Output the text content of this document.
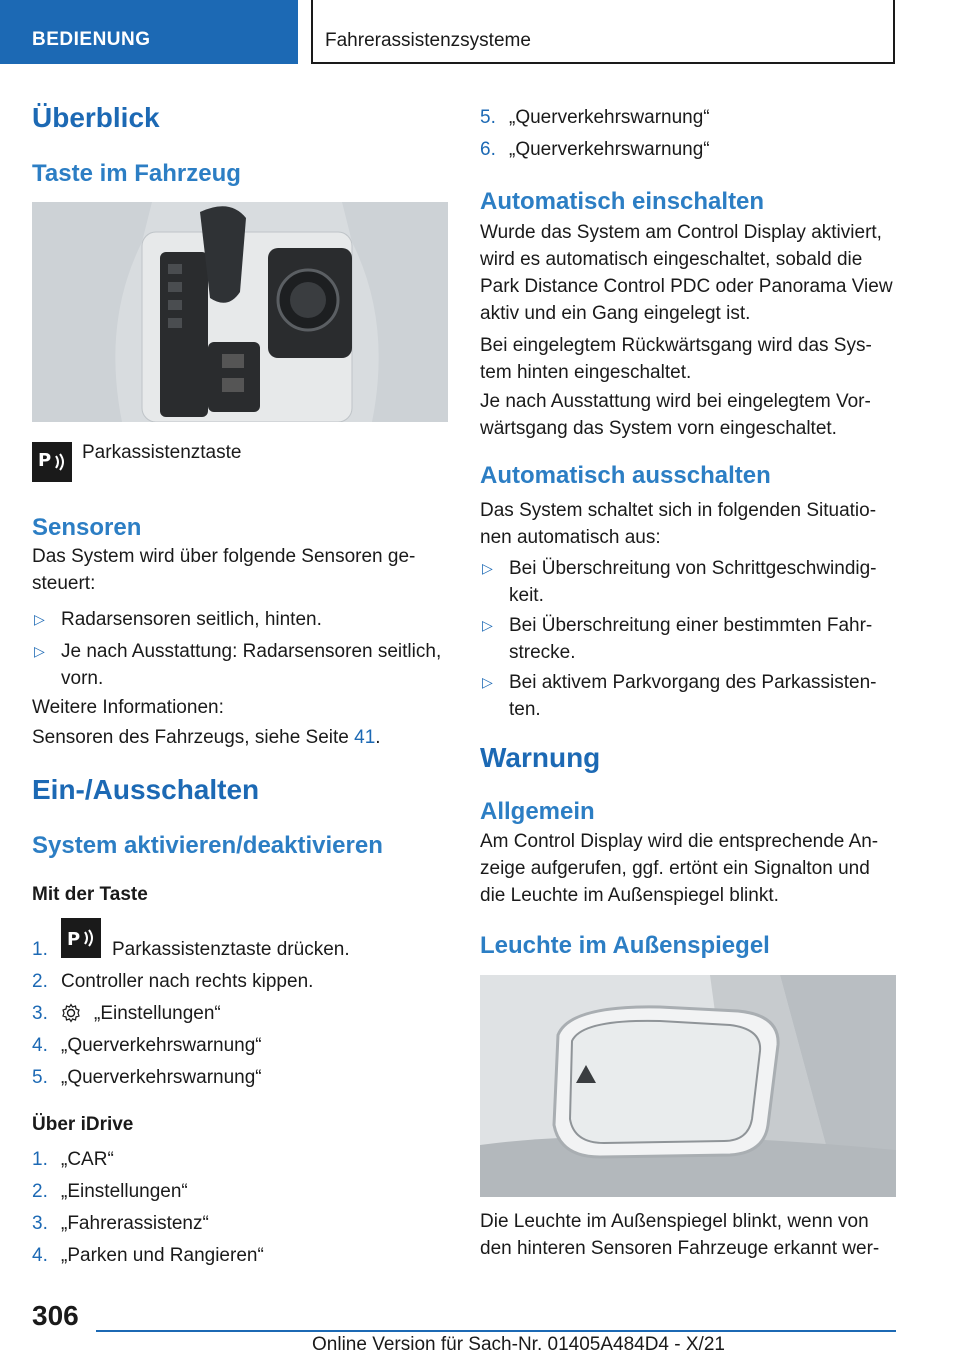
BEDIENUNG	Fahrerassistenzsysteme
Überblick
Taste im Fahrzeug
P Parkassistenztaste
Sensoren
Das System wird über folgende Sensoren ge-
steuert:
▷ Radarsensoren seitlich, hinten.
▷ Je nach Ausstattung: Radarsensoren seitlich,
vorn.
Weitere Informationen:
Sensoren des Fahrzeugs, siehe Seite 41.
Ein-/Ausschalten
System aktivieren/deaktivieren
Mit der Taste
1. P	Parkassistenztaste drücken.
2. Controller nach rechts kippen.
3.	„Einstellungen“
4. „Querverkehrswarnung“
5. „Querverkehrswarnung“
Über iDrive
1. „CAR“
2. „Einstellungen“
3. „Fahrerassistenz“
4. „Parken und Rangieren“
5. „Querverkehrswarnung“
6. „Querverkehrswarnung“
Automatisch einschalten
Wurde das System am Control Display aktiviert,
wird es automatisch eingeschaltet, sobald die
Park Distance Control PDC oder Panorama View
aktiv und ein Gang eingelegt ist.
Bei eingelegtem Rückwärtsgang wird das Sys-
tem hinten eingeschaltet.
Je nach Ausstattung wird bei eingelegtem Vor-
wärtsgang das System vorn eingeschaltet.
Automatisch ausschalten
Das System schaltet sich in folgenden Situatio-
nen automatisch aus:
▷ Bei Überschreitung von Schrittgeschwindig-
keit.
▷ Bei Überschreitung einer bestimmten Fahr-
strecke.
▷ Bei aktivem Parkvorgang des Parkassisten-
ten.
Warnung
Allgemein
Am Control Display wird die entsprechende An-
zeige aufgerufen, ggf. ertönt ein Signalton und
die Leuchte im Außenspiegel blinkt.
Leuchte im Außenspiegel
Die Leuchte im Außenspiegel blinkt, wenn von
den hinteren Sensoren Fahrzeuge erkannt wer-
306
Online Version für Sach-Nr. 01405A484D4 - X/21
